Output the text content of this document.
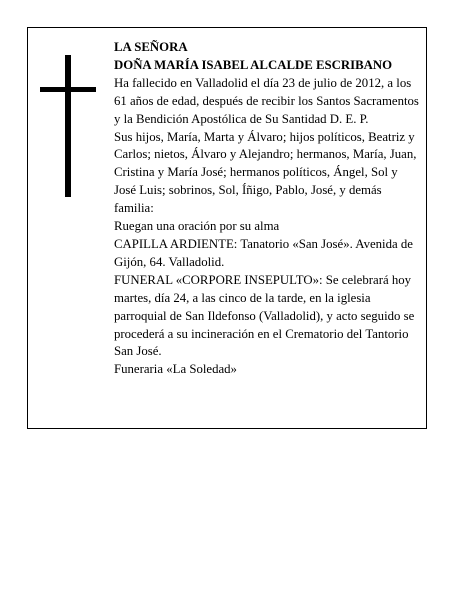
LA SEÑORA

DOÑA MARÍA ISABEL ALCALDE ESCRIBANO

Ha fallecido en Valladolid el día 23 de julio de 2012, a los 61 años de edad, después de recibir los Santos Sacramentos y la Bendición Apostólica de Su Santidad D. E. P.

Sus hijos, María, Marta y Álvaro; hijos políticos, Beatriz y Carlos; nietos, Álvaro y Alejandro; hermanos, María, Juan, Cristina y María José; hermanos políticos, Ángel, Sol y José Luis; sobrinos, Sol, Íñigo, Pablo, José, y demás familia:

Ruegan una oración por su alma

CAPILLA ARDIENTE: Tanatorio «San José». Avenida de Gijón, 64. Valladolid.

FUNERAL «CORPORE INSEPULTO»: Se celebrará hoy martes, día 24, a las cinco de la tarde, en la iglesia parroquial de San Ildefonso (Valladolid), y acto seguido se procederá a su incineración en el Crematorio del Tantorio San José.

Funeraria «La Soledad»
